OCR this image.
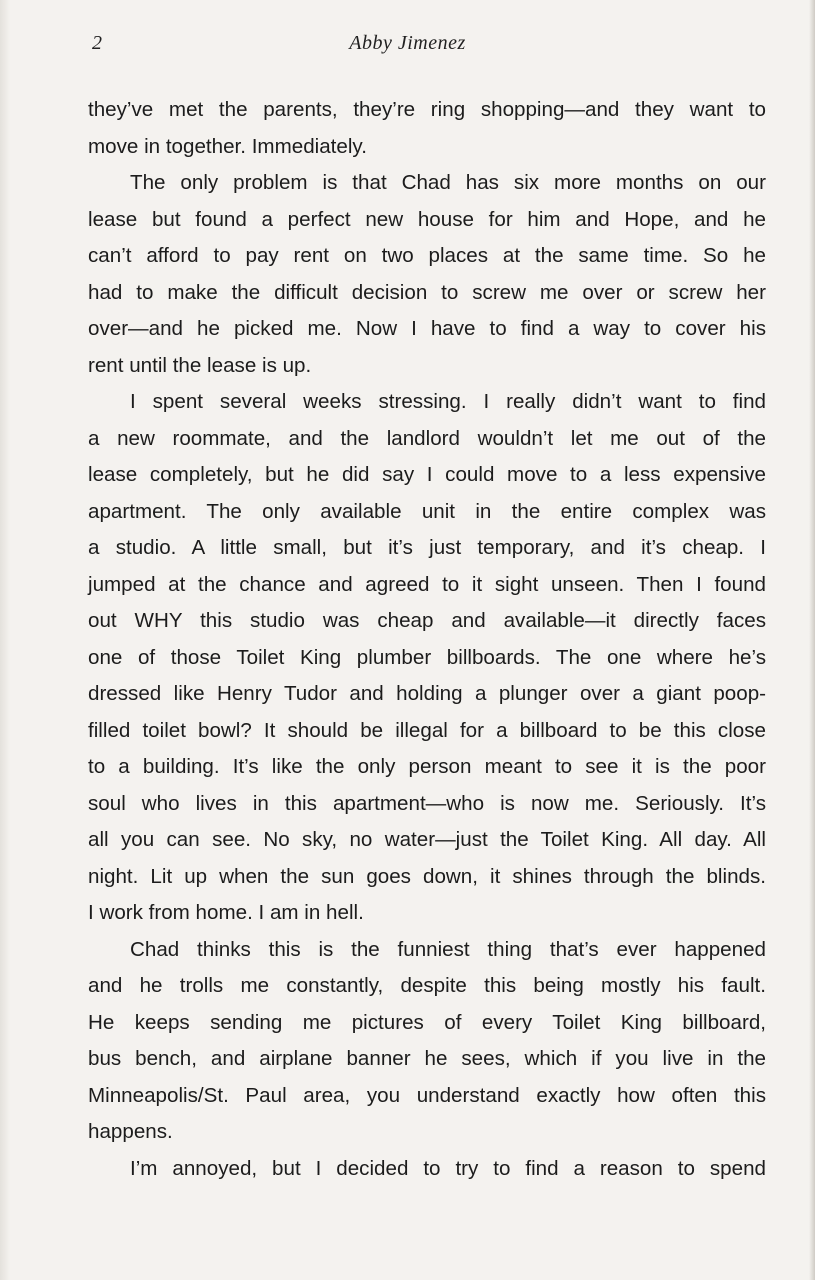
2	Abby Jimenez
they’ve met the parents, they’re ring shopping—and they want to
move in together. Immediately.
The only problem is that Chad has six more months on our
lease but found a perfect new house for him and Hope, and he
can’t afford to pay rent on two places at the same time. So he
had to make the difficult decision to screw me over or screw her
over—and he picked me. Now I have to find a way to cover his
rent until the lease is up.
I spent several weeks stressing. I really didn’t want to find
a new roommate, and the landlord wouldn’t let me out of the
lease completely, but he did say I could move to a less expensive
apartment. The only available unit in the entire complex was
a studio. A little small, but it’s just temporary, and it’s cheap. I
jumped at the chance and agreed to it sight unseen. Then I found
out WHY this studio was cheap and available—it directly faces
one of those Toilet King plumber billboards. The one where he’s
dressed like Henry Tudor and holding a plunger over a giant poop-
filled toilet bowl? It should be illegal for a billboard to be this close
to a building. It’s like the only person meant to see it is the poor
soul who lives in this apartment—who is now me. Seriously. It’s
all you can see. No sky, no water—just the Toilet King. All day. All
night. Lit up when the sun goes down, it shines through the blinds.
I work from home. I am in hell.
Chad thinks this is the funniest thing that’s ever happened
and he trolls me constantly, despite this being mostly his fault.
He keeps sending me pictures of every Toilet King billboard,
bus bench, and airplane banner he sees, which if you live in the
Minneapolis/St. Paul area, you understand exactly how often this
happens.
I’m annoyed, but I decided to try to find a reason to spend
